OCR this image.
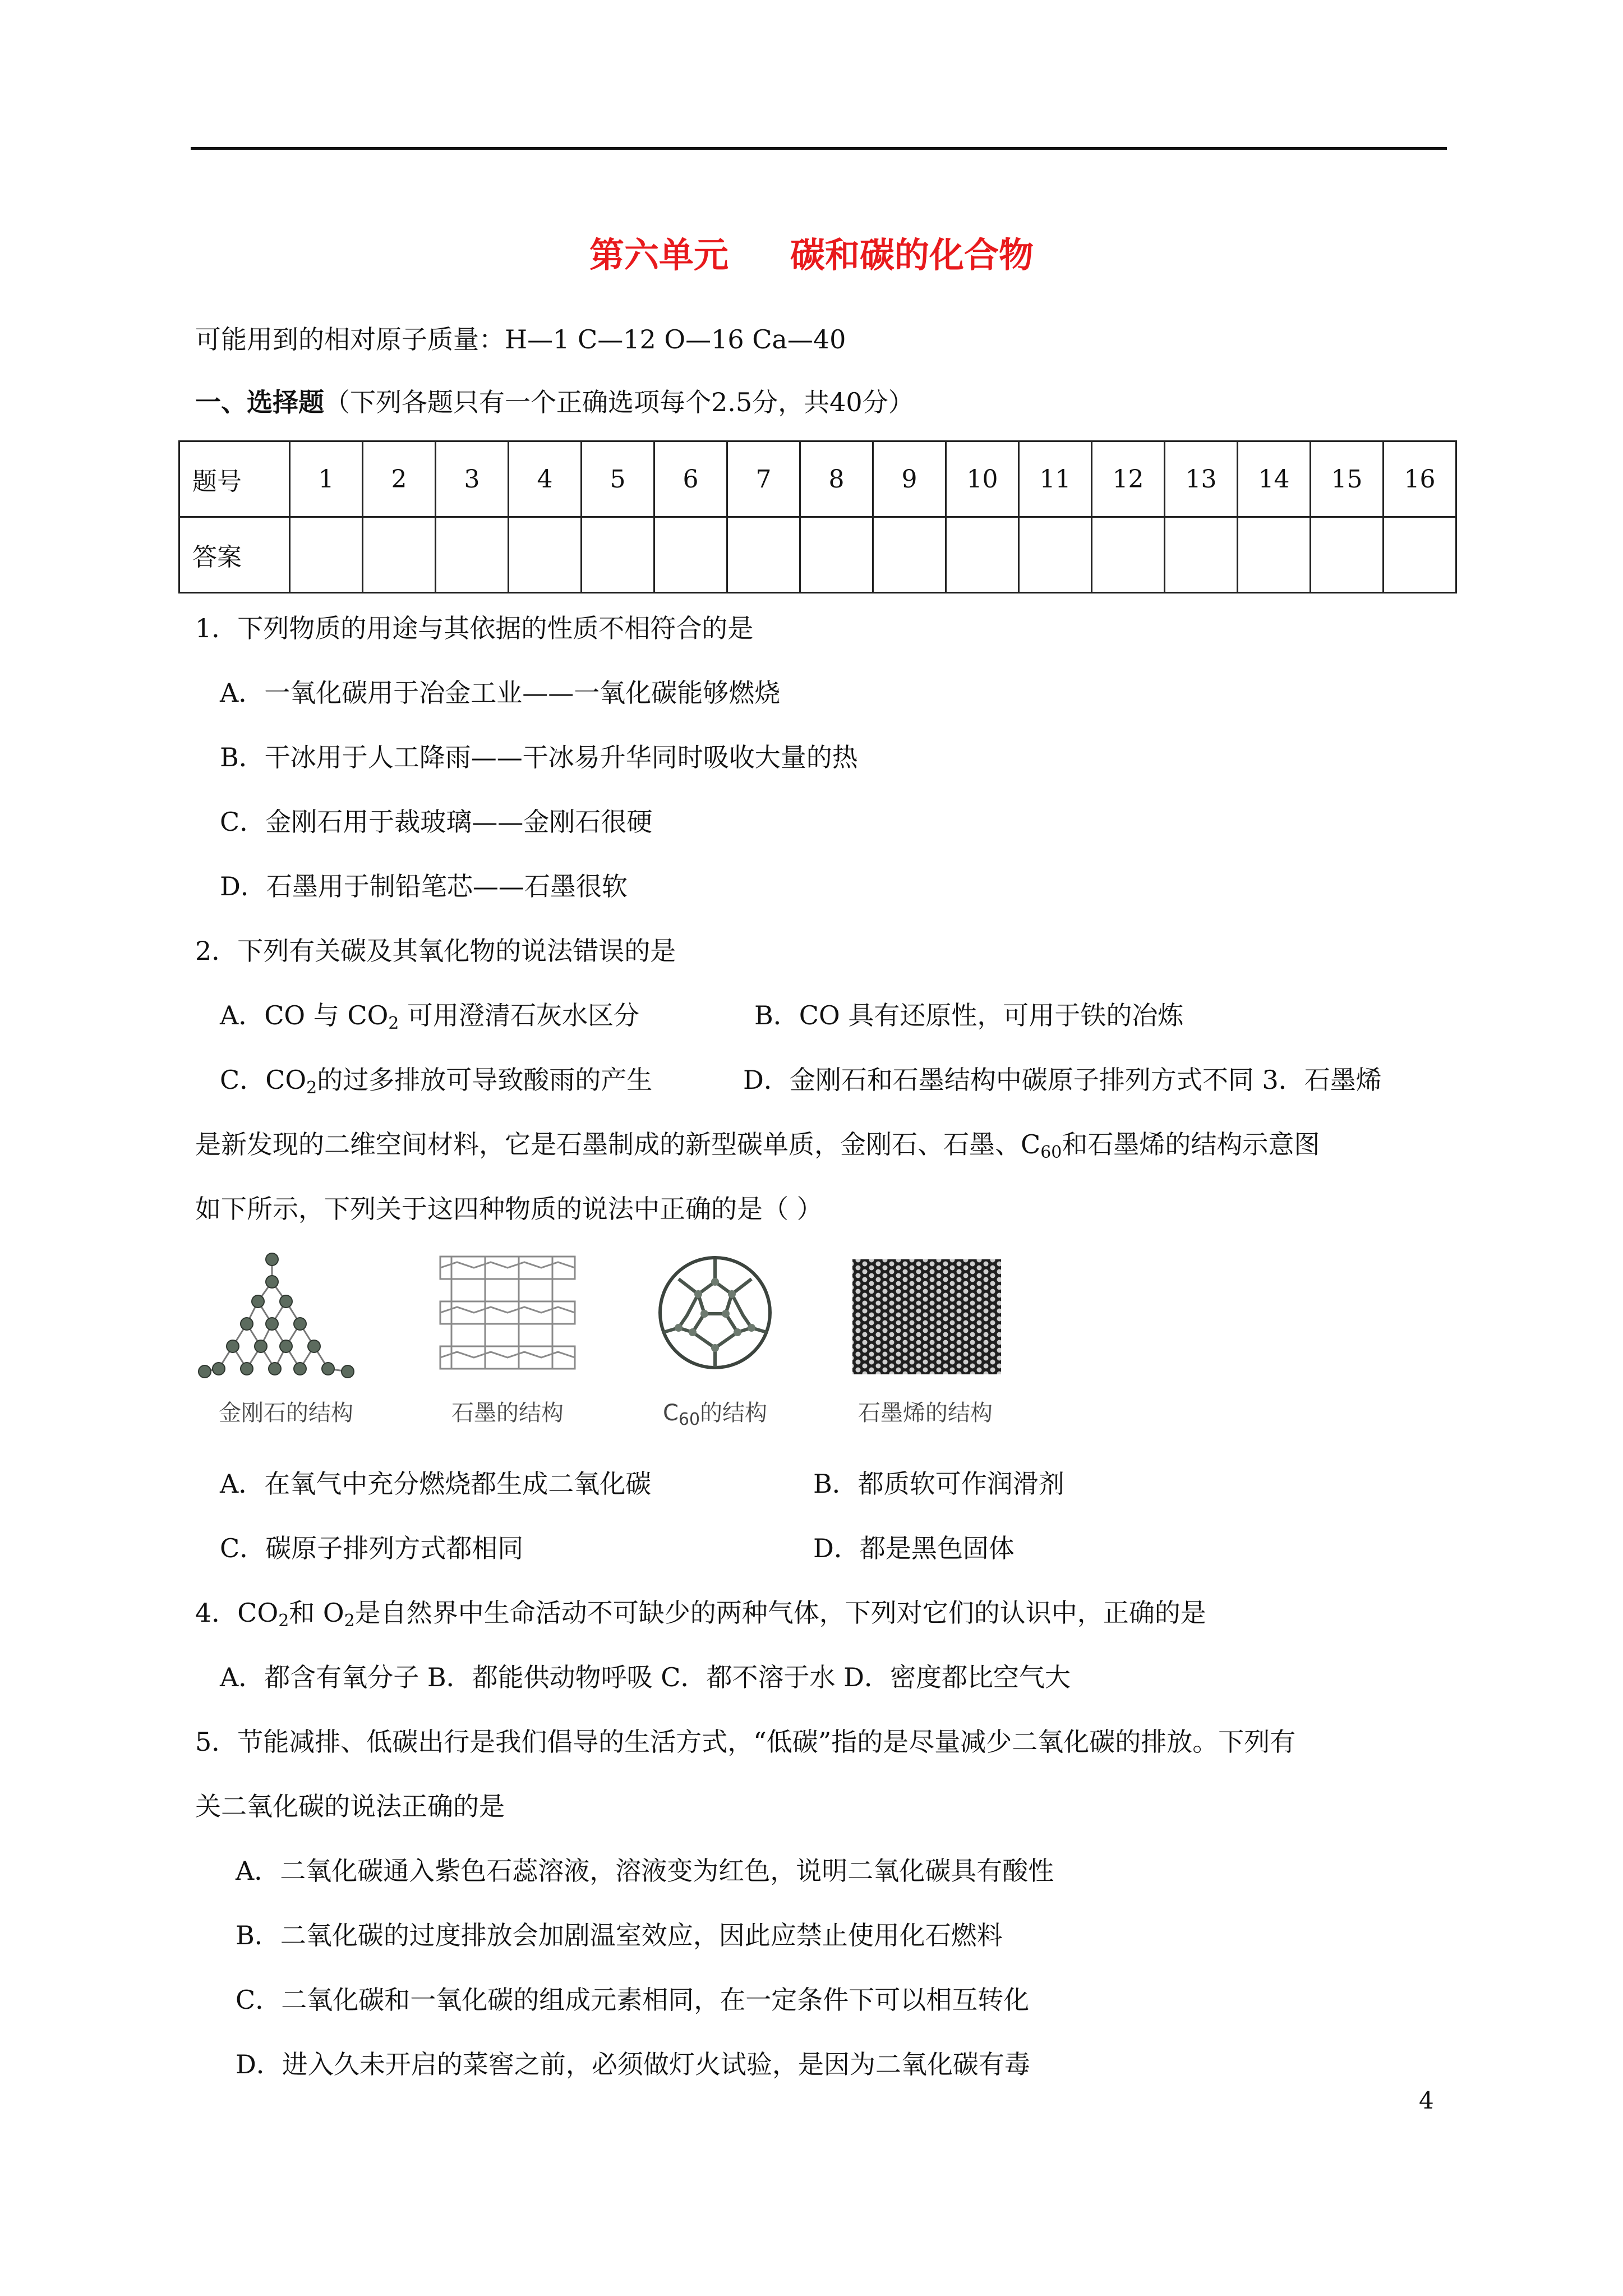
第六单元 碳和碳的化合物
可能用到的相对原子质量：H—1 C—12 O—16 Ca—40
一、选择题（下列各题只有一个正确选项每个2.5分，共40分）
题号	1	2	3	4	5	6	7	8	9	10	11	12	13	14	15	16
答案																
1．下列物质的用途与其依据的性质不相符合的是
A．一氧化碳用于冶金工业——一氧化碳能够燃烧
B．干冰用于人工降雨——干冰易升华同时吸收大量的热
C．金刚石用于裁玻璃——金刚石很硬
D．石墨用于制铅笔芯——石墨很软
2．下列有关碳及其氧化物的说法错误的是
A．CO 与 $CO_2$ 可用澄清石灰水区分	B．CO 具有还原性，可用于铁的冶炼
C．$CO_2$的过多排放可导致酸雨的产生	D．金刚石和石墨结构中碳原子排列方式不同 3．石墨烯
是新发现的二维空间材料，它是石墨制成的新型碳单质，金刚石、石墨、$C_{60}$和石墨烯的结构示意图
如下所示，下列关于这四种物质的说法中正确的是（ ）
金刚石的结构	石墨的结构	$C_{60}$的结构	石墨烯的结构
A．在氧气中充分燃烧都生成二氧化碳	B．都质软可作润滑剂
C．碳原子排列方式都相同	D．都是黑色固体
4．$CO_2$和 $O_2$是自然界中生命活动不可缺少的两种气体，下列对它们的认识中，正确的是
A．都含有氧分子 B．都能供动物呼吸 C．都不溶于水 D．密度都比空气大
5．节能减排、低碳出行是我们倡导的生活方式，“低碳”指的是尽量减少二氧化碳的排放。下列有
关二氧化碳的说法正确的是
A．二氧化碳通入紫色石蕊溶液，溶液变为红色，说明二氧化碳具有酸性
B．二氧化碳的过度排放会加剧温室效应，因此应禁止使用化石燃料
C．二氧化碳和一氧化碳的组成元素相同，在一定条件下可以相互转化
D．进入久未开启的菜窖之前，必须做灯火试验，是因为二氧化碳有毒
4
